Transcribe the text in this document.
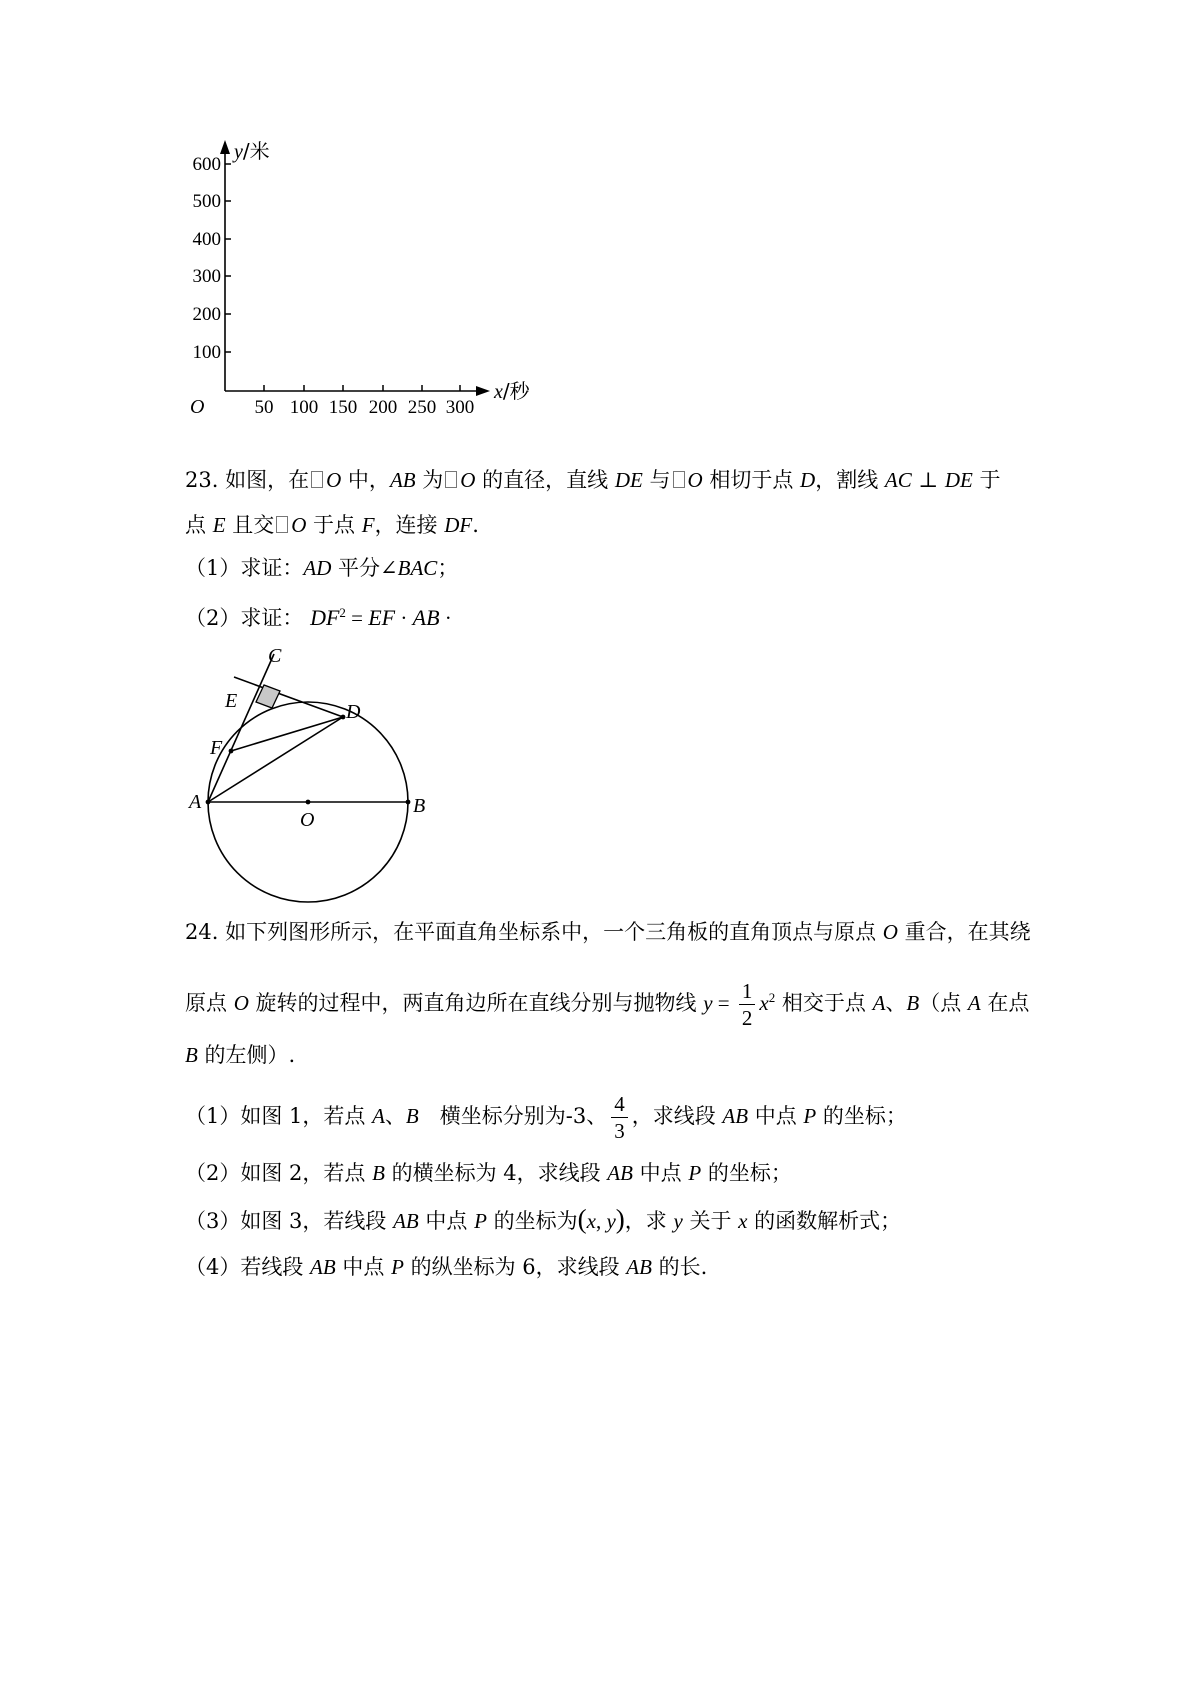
100
200
300
400
500
600
50 100 150 200 250 300
O
y/米
x/秒
23. 如图，在 O 中，AB 为 O 的直径，直线 DE 与 O 相切于点 D，割线 AC ⊥ DE 于
点 E 且交 O 于点 F，连接 DF.
（1）求证：AD 平分∠BAC；
（2）求证： $DF^2$ = EF · AB ·
C
E	D
F
A
O
B
24. 如下列图形所示，在平面直角坐标系中，一个三角板的直角顶点与原点 O 重合，在其绕
原点 O 旋转的过程中，两直角边所在直线分别与抛物线 $y = \frac{1}{2} x^2$ 相交于点 A、B（点 A 在点
B 的左侧）.
（1）如图 1，若点 A、B　横坐标分别为-3、 $\frac{4}{3}$ ，求线段 AB 中点 P 的坐标；
（2）如图 2，若点 B 的横坐标为 4，求线段 AB 中点 P 的坐标；
（3）如图 3，若线段 AB 中点 P 的坐标为(x, y)，求 y 关于 x 的函数解析式；
（4）若线段 AB 中点 P 的纵坐标为 6，求线段 AB 的长.
